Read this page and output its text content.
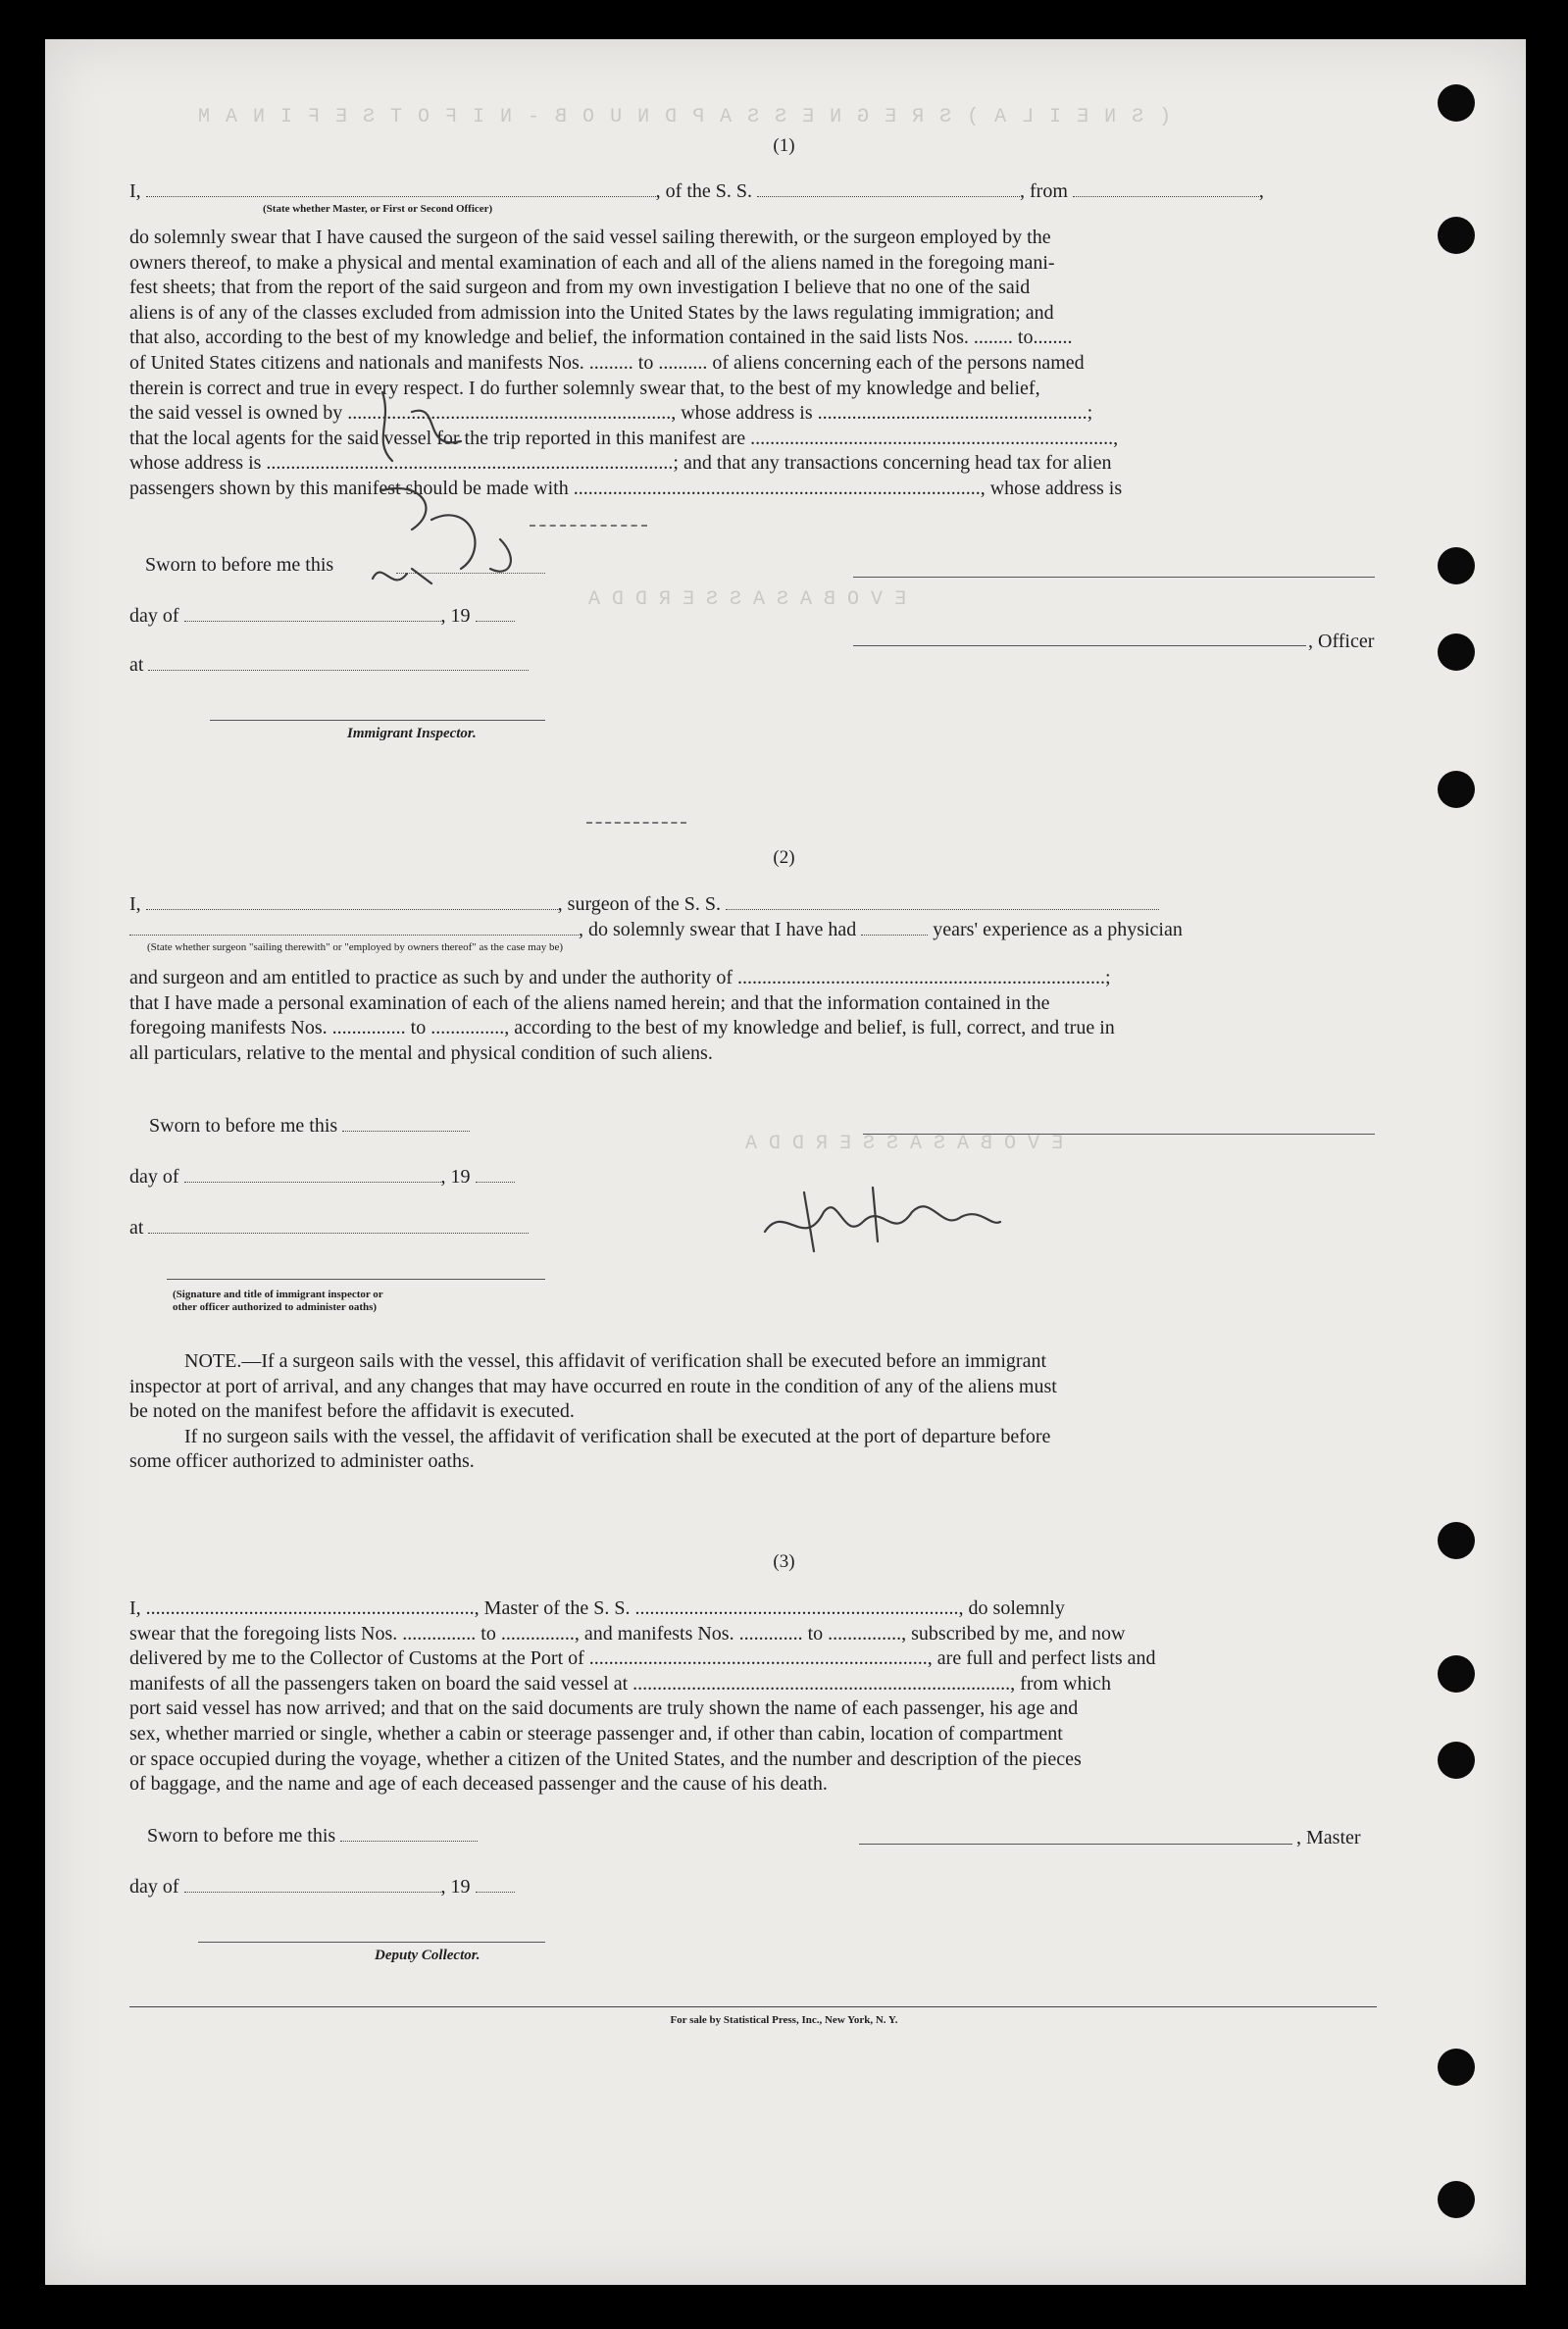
( S N E I L A ) S R E G N E S S A P D N U O B - N I F O T S E F I N A M
E V O B A S A S S E R D D A
E V O B A S A S S E R D D A
(1)
I,	, of the S. S.	, from	,
(State whether Master, or First or Second Officer)

do solemnly swear that I have caused the surgeon of the said vessel sailing therewith, or the surgeon employed by the

owners thereof, to make a physical and mental examination of each and all of the aliens named in the foregoing mani-

fest sheets; that from the report of the said surgeon and from my own investigation I believe that no one of the said

aliens is of any of the classes excluded from admission into the United States by the laws regulating immigration; and

that also, according to the best of my knowledge and belief, the information contained in the said lists Nos. ........ to........

of United States citizens and nationals and manifests Nos. ......... to .......... of aliens concerning each of the persons named

therein is correct and true in every respect. I do further solemnly swear that, to the best of my knowledge and belief,

the said vessel is owned by .................................................................., whose address is .......................................................;

that the local agents for the said vessel for the trip reported in this manifest are ..........................................................................,

whose address is ...................................................................................; and that any transactions concerning head tax for alien

passengers shown by this manifest should be made with ..................................................................................., whose address is

Sworn to before me this
day of	, 19
, Officer
at
Immigrant Inspector.
(2)
I,	, surgeon of the S. S.
, do solemnly swear that I have had	years' experience as a physician
(State whether surgeon "sailing therewith" or "employed by owners thereof" as the case may be)

and surgeon and am entitled to practice as such by and under the authority of ...........................................................................;

that I have made a personal examination of each of the aliens named herein; and that the information contained in the

foregoing manifests Nos. ............... to ..............., according to the best of my knowledge and belief, is full, correct, and true in

all particulars, relative to the mental and physical condition of such aliens.

Sworn to before me this
day of	, 19
at
(Signature and title of immigrant inspector or
other officer authorized to administer oaths)

NOTE.—If a surgeon sails with the vessel, this affidavit of verification shall be executed before an immigrant

inspector at port of arrival, and any changes that may have occurred en route in the condition of any of the aliens must

be noted on the manifest before the affidavit is executed.

If no surgeon sails with the vessel, the affidavit of verification shall be executed at the port of departure before

some officer authorized to administer oaths.

(3)

I, ..................................................................., Master of the S. S. .................................................................., do solemnly

swear that the foregoing lists Nos. ............... to ..............., and manifests Nos. ............. to ..............., subscribed by me, and now

delivered by me to the Collector of Customs at the Port of ....................................................................., are full and perfect lists and

manifests of all the passengers taken on board the said vessel at ............................................................................., from which

port said vessel has now arrived; and that on the said documents are truly shown the name of each passenger, his age and

sex, whether married or single, whether a cabin or steerage passenger and, if other than cabin, location of compartment

or space occupied during the voyage, whether a citizen of the United States, and the number and description of the pieces

of baggage, and the name and age of each deceased passenger and the cause of his death.

Sworn to before me this	, Master
day of	, 19
Deputy Collector.
For sale by Statistical Press, Inc., New York, N. Y.
